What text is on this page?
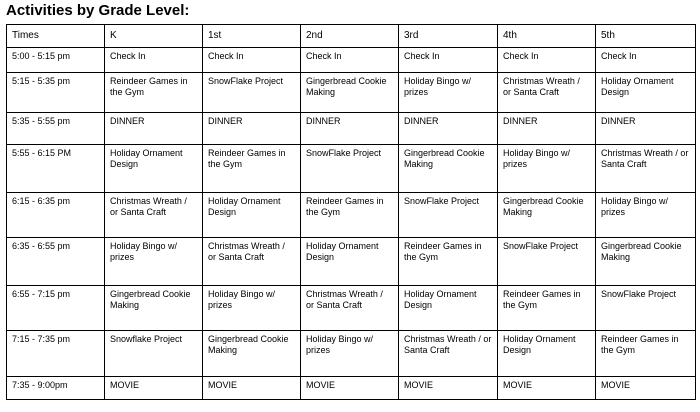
Activities by Grade Level:
Times	K	1st	2nd	3rd	4th	5th

5:00 - 5:15 pm	Check In	Check In	Check In	Check In	Check In	Check In

5:15 - 5:35 pm	Reindeer Games in the Gym	SnowFlake Project	Gingerbread Cookie Making	Holiday Bingo w/ prizes	Christmas Wreath / or Santa Craft	Holiday Ornament Design

5:35 - 5:55 pm	DINNER	DINNER	DINNER	DINNER	DINNER	DINNER

5:55 - 6:15 PM	Holiday Ornament Design	Reindeer Games in the Gym	SnowFlake Project	Gingerbread Cookie Making	Holiday Bingo w/ prizes	Christmas Wreath / or Santa Craft

6:15 - 6:35 pm	Christmas Wreath / or Santa Craft	Holiday Ornament Design	Reindeer Games in the Gym	SnowFlake Project	Gingerbread Cookie Making	Holiday Bingo w/ prizes

6:35 - 6:55 pm	Holiday Bingo w/ prizes	Christmas Wreath / or Santa Craft	Holiday Ornament Design	Reindeer Games in the Gym	SnowFlake Project	Gingerbread Cookie Making

6:55 - 7:15 pm	Gingerbread Cookie Making	Holiday Bingo w/ prizes	Christmas Wreath / or Santa Craft	Holiday Ornament Design	Reindeer Games in the Gym	SnowFlake Project

7:15 - 7:35 pm	Snowflake Project	Gingerbread Cookie Making	Holiday Bingo w/ prizes	Christmas Wreath / or Santa Craft	Holiday Ornament Design	Reindeer Games in the Gym

7:35 - 9:00pm	MOVIE	MOVIE	MOVIE	MOVIE	MOVIE	MOVIE
